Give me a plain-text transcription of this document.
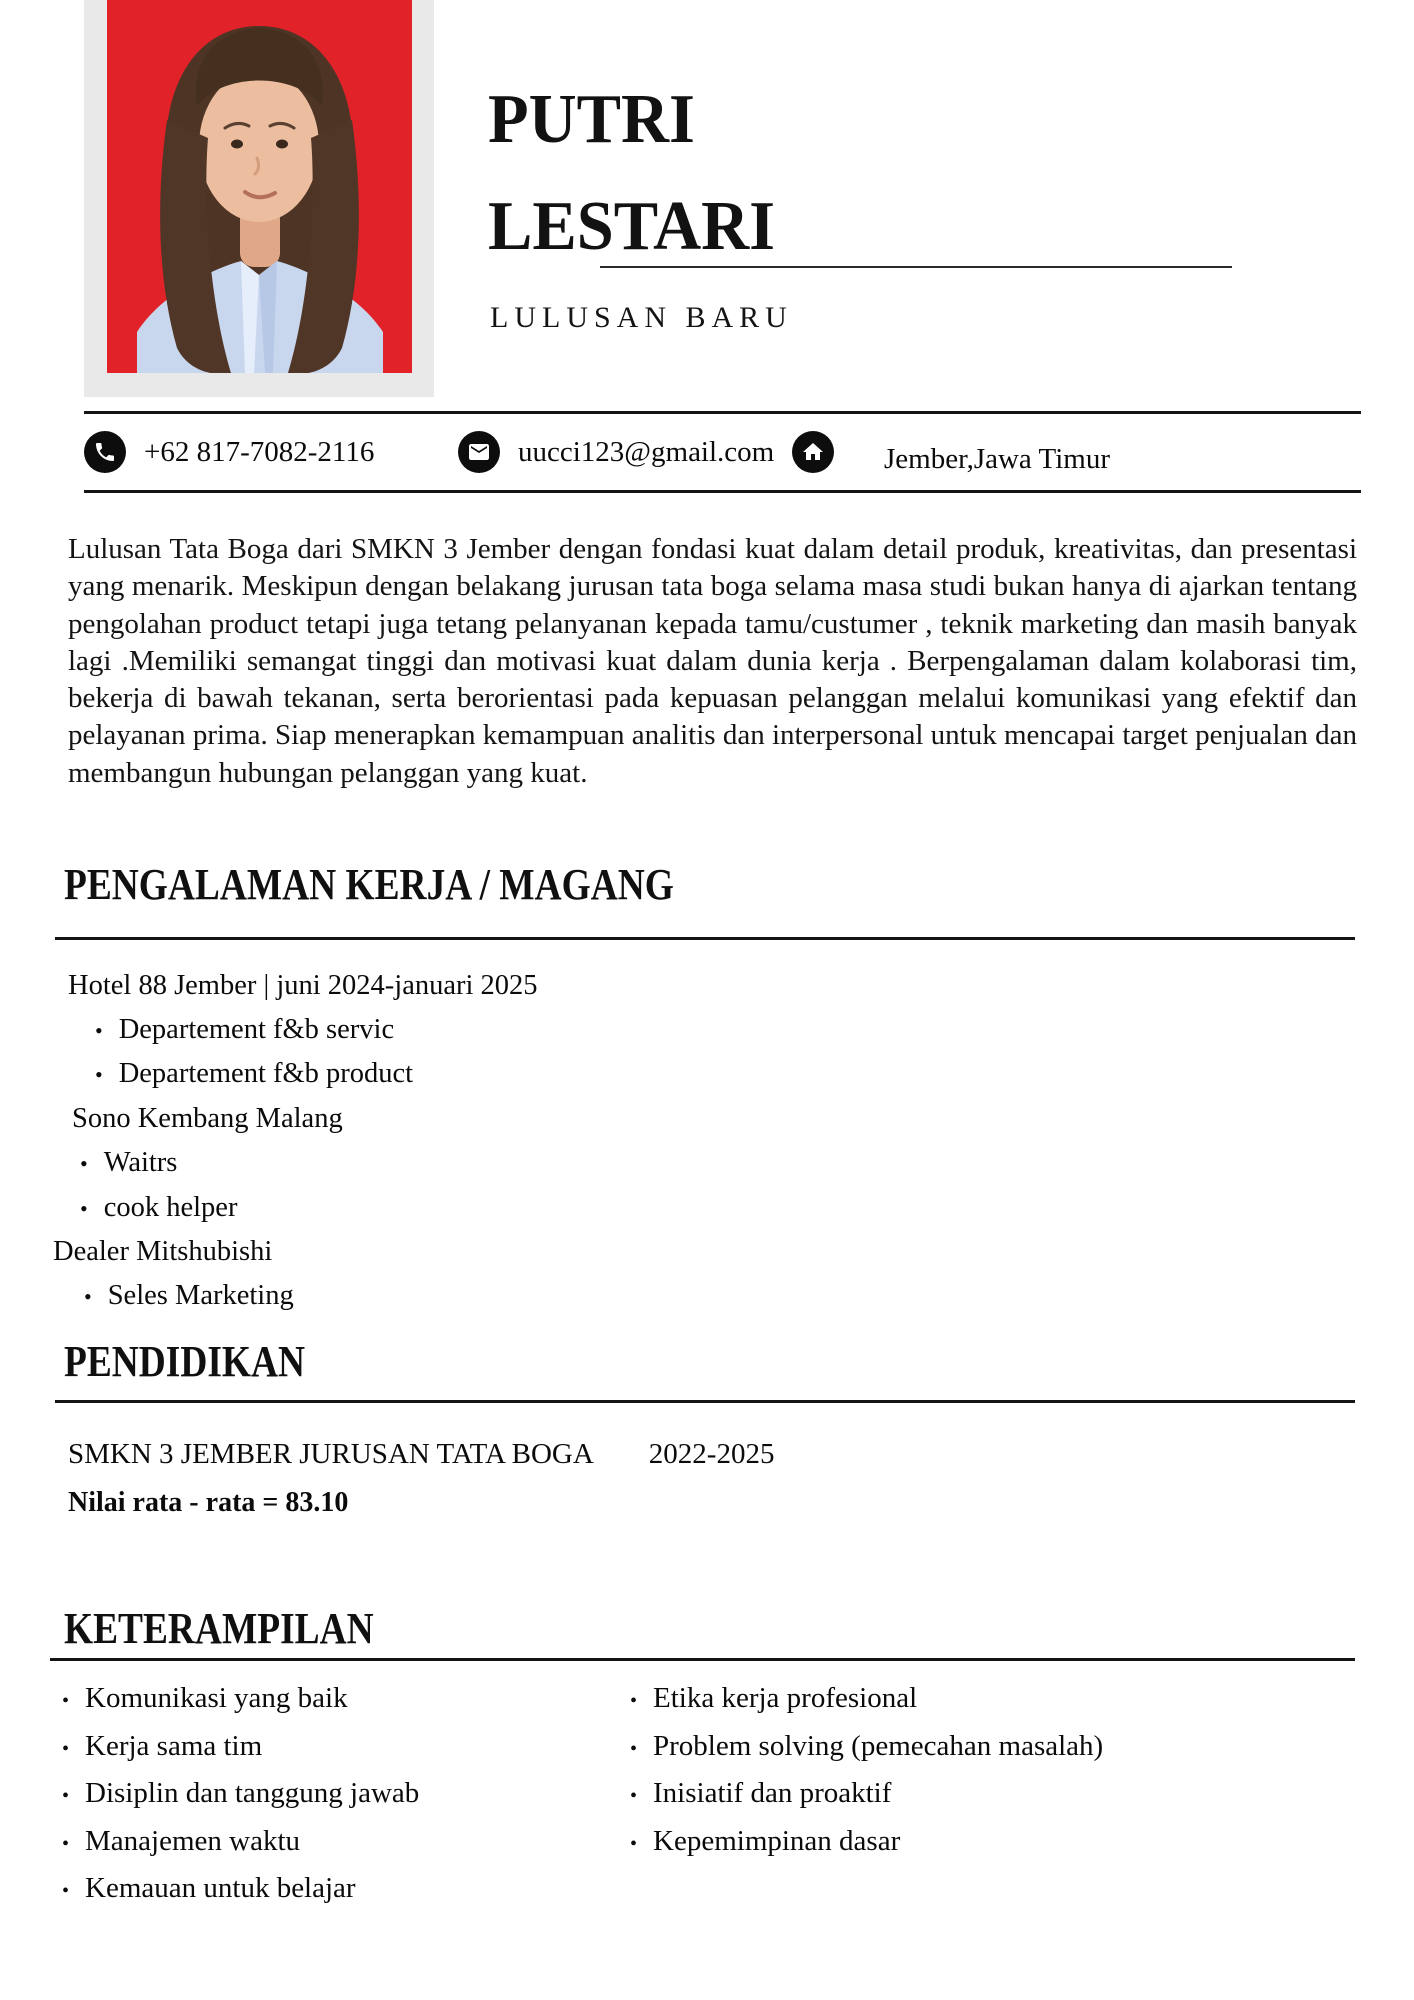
PUTRI
LESTARI
LULUSAN BARU
+62 817-7082-2116	uucci123@gmail.com	Jember,Jawa Timur
Lulusan Tata Boga dari SMKN 3 Jember dengan fondasi kuat dalam detail produk, kreativitas, dan presentasi yang menarik. Meskipun dengan belakang jurusan tata boga selama masa studi bukan hanya di ajarkan tentang pengolahan product tetapi juga tetang pelanyanan kepada tamu/custumer , teknik marketing dan masih banyak lagi .Memiliki semangat tinggi dan motivasi kuat dalam dunia kerja . Berpengalaman dalam kolaborasi tim, bekerja di bawah tekanan, serta berorientasi pada kepuasan pelanggan melalui komunikasi yang efektif dan pelayanan prima. Siap menerapkan kemampuan analitis dan interpersonal untuk mencapai target penjualan dan membangun hubungan pelanggan yang kuat.
PENGALAMAN KERJA / MAGANG
Hotel 88 Jember | juni 2024-januari 2025
•
Departement f&b servic
•
Departement f&b product
Sono Kembang Malang
•
Waitrs
•
cook helper
Dealer Mitshubishi
•
Seles Marketing
PENDIDIKAN
SMKN 3 JEMBER JURUSAN TATA BOGA 2022-2025
Nilai rata - rata = 83.10
KETERAMPILAN
•
Komunikasi yang baik
•
Kerja sama tim
•
Disiplin dan tanggung jawab
•
Manajemen waktu
•
Kemauan untuk belajar
•
Etika kerja profesional
•
Problem solving (pemecahan masalah)
•
Inisiatif dan proaktif
•
Kepemimpinan dasar
